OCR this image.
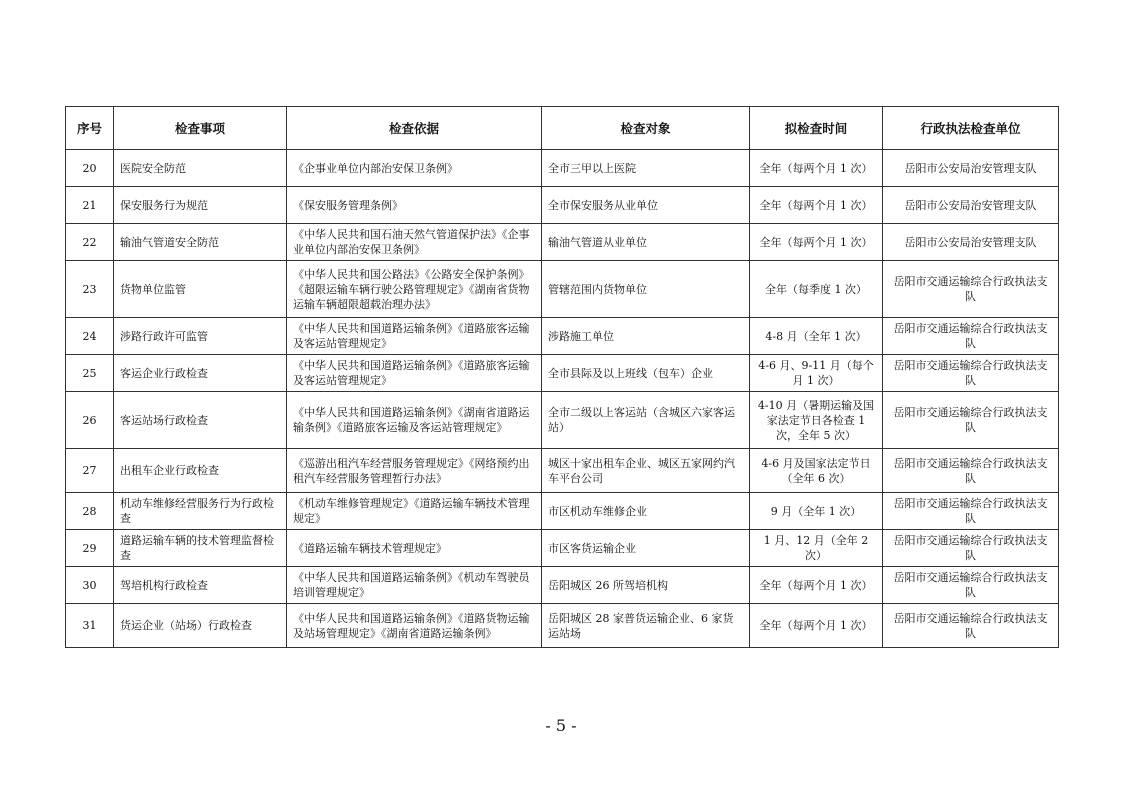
序号	检查事项	检查依据	检查对象	拟检查时间	行政执法检查单位
20	医院安全防范	《企事业单位内部治安保卫条例》	全市三甲以上医院	全年（每两个月 1 次）	岳阳市公安局治安管理支队
21	保安服务行为规范	《保安服务管理条例》	全市保安服务从业单位	全年（每两个月 1 次）	岳阳市公安局治安管理支队
22	输油气管道安全防范	《中华人民共和国石油天然气管道保护法》《企事业单位内部治安保卫条例》	输油气管道从业单位	全年（每两个月 1 次）	岳阳市公安局治安管理支队
23	货物单位监管	《中华人民共和国公路法》《公路安全保护条例》《超限运输车辆行驶公路管理规定》《湖南省货物运输车辆超限超载治理办法》	管辖范围内货物单位	全年（每季度 1 次）	岳阳市交通运输综合行政执法支队
24	涉路行政许可监管	《中华人民共和国道路运输条例》《道路旅客运输及客运站管理规定》	涉路施工单位	4-8 月（全年 1 次）	岳阳市交通运输综合行政执法支队
25	客运企业行政检查	《中华人民共和国道路运输条例》《道路旅客运输及客运站管理规定》	全市县际及以上班线（包车）企业	4-6 月、9-11 月（每个月 1 次）	岳阳市交通运输综合行政执法支队
26	客运站场行政检查	《中华人民共和国道路运输条例》《湖南省道路运输条例》《道路旅客运输及客运站管理规定》	全市二级以上客运站（含城区六家客运站）	4-10 月（暑期运输及国家法定节日各检查 1 次，全年 5 次）	岳阳市交通运输综合行政执法支队
27	出租车企业行政检查	《巡游出租汽车经营服务管理规定》《网络预约出租汽车经营服务管理暂行办法》	城区十家出租车企业、城区五家网约汽车平台公司	4-6 月及国家法定节日（全年 6 次）	岳阳市交通运输综合行政执法支队
28	机动车维修经营服务行为行政检查	《机动车维修管理规定》《道路运输车辆技术管理规定》	市区机动车维修企业	9 月（全年 1 次）	岳阳市交通运输综合行政执法支队
29	道路运输车辆的技术管理监督检查	《道路运输车辆技术管理规定》	市区客货运输企业	1 月、12 月（全年 2 次）	岳阳市交通运输综合行政执法支队
30	驾培机构行政检查	《中华人民共和国道路运输条例》《机动车驾驶员培训管理规定》	岳阳城区 26 所驾培机构	全年（每两个月 1 次）	岳阳市交通运输综合行政执法支队
31	货运企业（站场）行政检查	《中华人民共和国道路运输条例》《道路货物运输及站场管理规定》《湖南省道路运输条例》	岳阳城区 28 家普货运输企业、6 家货运站场	全年（每两个月 1 次）	岳阳市交通运输综合行政执法支队
- 5 -
